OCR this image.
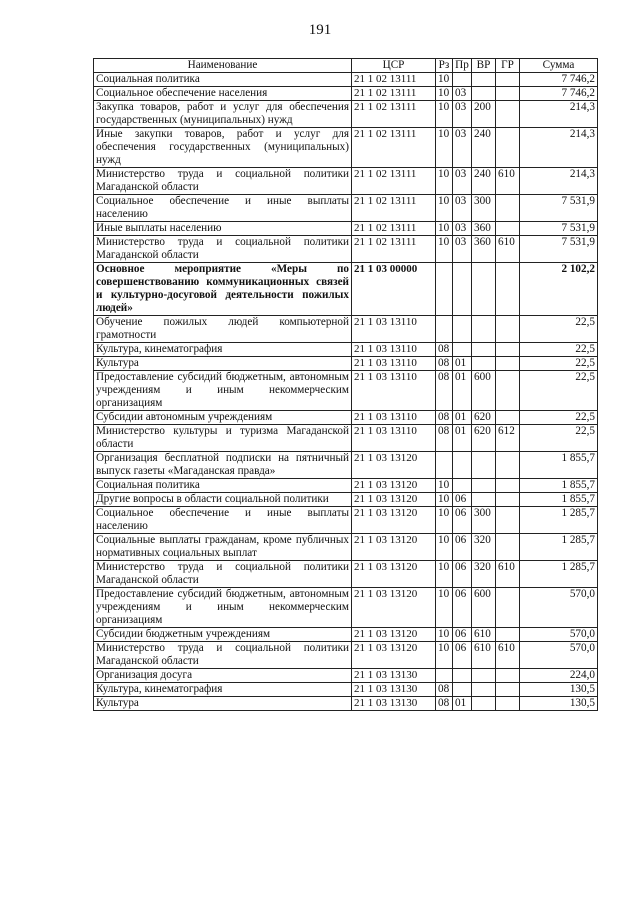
191
Наименование	ЦСР	Рз	Пр	ВР	ГР	Сумма
Социальная политика	21 1 02 13111	10				7 746,2
Социальное обеспечение населения	21 1 02 13111	10	03			7 746,2
Закупка товаров, работ и услуг для обеспечения государственных (муниципальных) нужд	21 1 02 13111	10	03	200		214,3
Иные закупки товаров, работ и услуг для обеспечения государственных (муниципальных) нужд	21 1 02 13111	10	03	240		214,3
Министерство труда и социальной политики Магаданской области	21 1 02 13111	10	03	240	610	214,3
Социальное обеспечение и иные выплаты населению	21 1 02 13111	10	03	300		7 531,9
Иные выплаты населению	21 1 02 13111	10	03	360		7 531,9
Министерство труда и социальной политики Магаданской области	21 1 02 13111	10	03	360	610	7 531,9
Основное мероприятие «Меры по совершенствованию коммуникационных связей и культурно-досуговой деятельности пожилых людей»	21 1 03 00000					2 102,2
Обучение пожилых людей компьютерной грамотности	21 1 03 13110					22,5
Культура, кинематография	21 1 03 13110	08				22,5
Культура	21 1 03 13110	08	01			22,5
Предоставление субсидий бюджетным, автономным учреждениям и иным некоммерческим организациям	21 1 03 13110	08	01	600		22,5
Субсидии автономным учреждениям	21 1 03 13110	08	01	620		22,5
Министерство культуры и туризма Магаданской области	21 1 03 13110	08	01	620	612	22,5
Организация бесплатной подписки на пятничный выпуск газеты «Магаданская правда»	21 1 03 13120					1 855,7
Социальная политика	21 1 03 13120	10				1 855,7
Другие вопросы в области социальной политики	21 1 03 13120	10	06			1 855,7
Социальное обеспечение и иные выплаты населению	21 1 03 13120	10	06	300		1 285,7
Социальные выплаты гражданам, кроме публичных нормативных социальных выплат	21 1 03 13120	10	06	320		1 285,7
Министерство труда и социальной политики Магаданской области	21 1 03 13120	10	06	320	610	1 285,7
Предоставление субсидий бюджетным, автономным учреждениям и иным некоммерческим организациям	21 1 03 13120	10	06	600		570,0
Субсидии бюджетным учреждениям	21 1 03 13120	10	06	610		570,0
Министерство труда и социальной политики Магаданской области	21 1 03 13120	10	06	610	610	570,0
Организация досуга	21 1 03 13130					224,0
Культура, кинематография	21 1 03 13130	08				130,5
Культура	21 1 03 13130	08	01			130,5
